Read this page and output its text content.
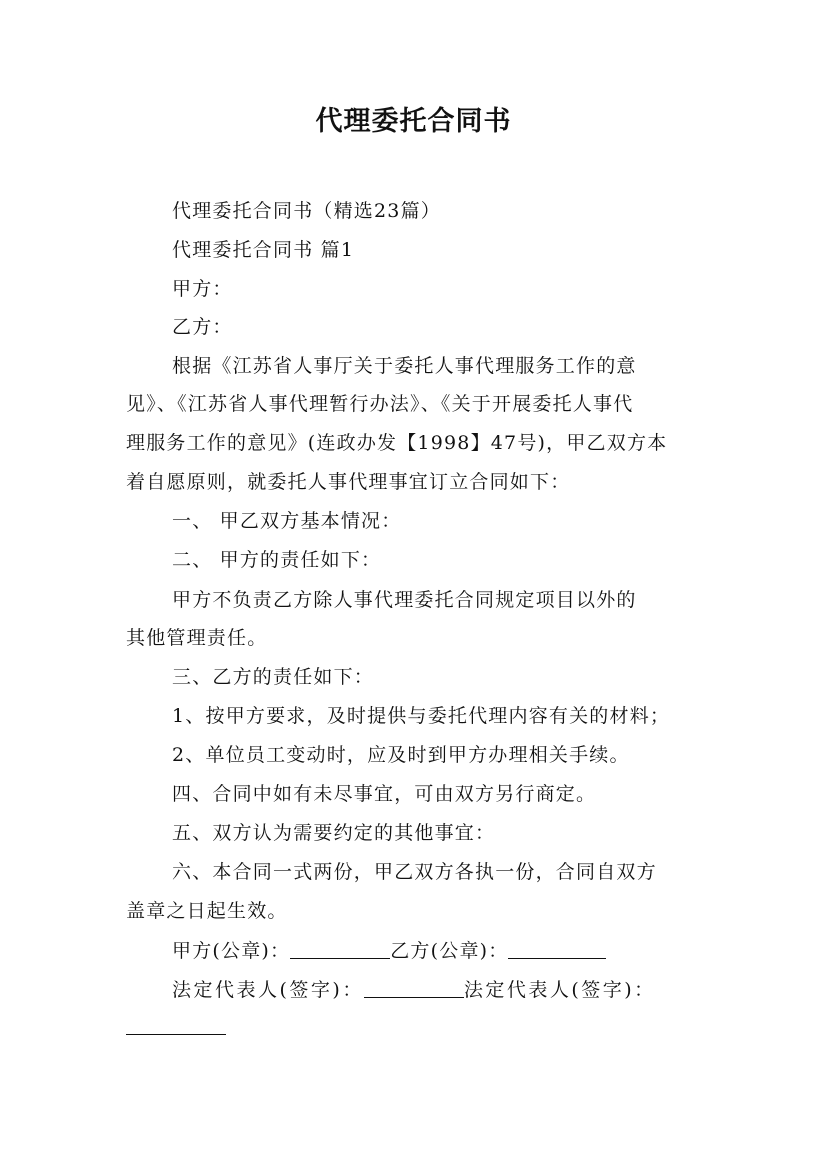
代理委托合同书

代理委托合同书（精选23篇）

代理委托合同书 篇1

甲方：

乙方：

根据《江苏省人事厅关于委托人事代理服务工作的意

见》、《江苏省人事代理暂行办法》、《关于开展委托人事代

理服务工作的意见》(连政办发【1998】47号)，甲乙双方本

着自愿原则，就委托人事代理事宜订立合同如下：

一、 甲乙双方基本情况：

二、 甲方的责任如下：

甲方不负责乙方除人事代理委托合同规定项目以外的

其他管理责任。

三、乙方的责任如下：

1、按甲方要求，及时提供与委托代理内容有关的材料；

2、单位员工变动时，应及时到甲方办理相关手续。

四、合同中如有未尽事宜，可由双方另行商定。

五、双方认为需要约定的其他事宜：

六、本合同一式两份，甲乙双方各执一份，合同自双方

盖章之日起生效。

甲方(公章)：	乙方(公章)：

法定代表人(签字)：	法定代表人(签字)：
